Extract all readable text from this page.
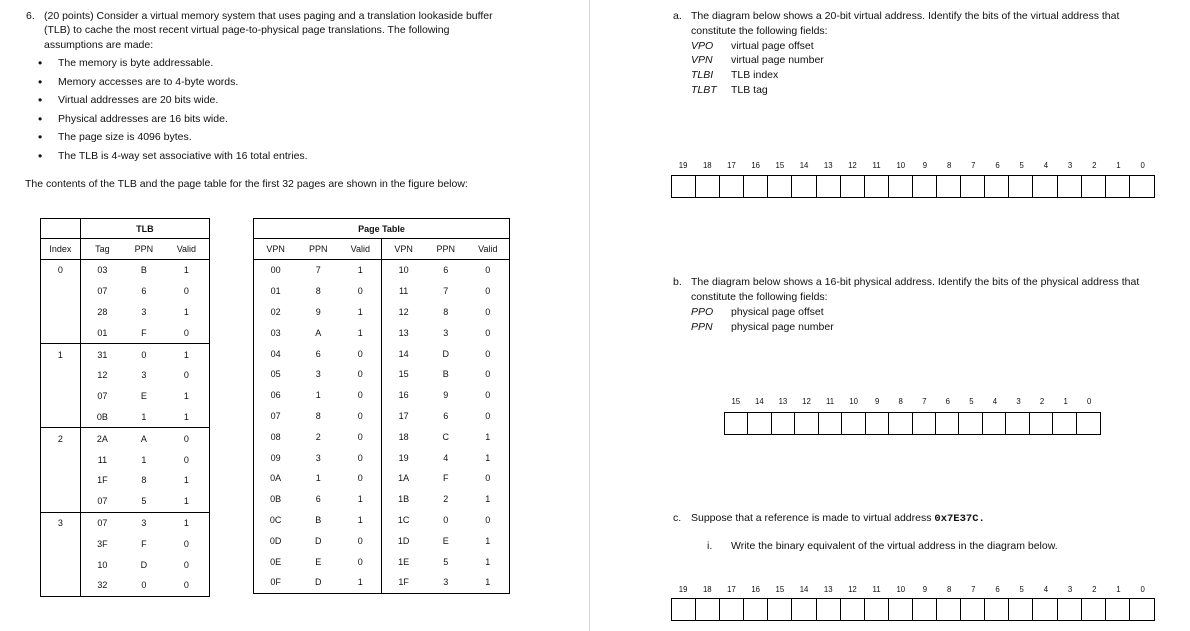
6. (20 points) Consider a virtual memory system that uses paging and a translation lookaside buffer
(TLB) to cache the most recent virtual page-to-physical page translations. The following
assumptions are made:
• The memory is byte addressable.
• Memory accesses are to 4-byte words.
• Virtual addresses are 20 bits wide.
• Physical addresses are 16 bits wide.
• The page size is 4096 bytes.
• The TLB is 4-way set associative with 16 total entries.
The contents of the TLB and the page table for the first 32 pages are shown in the figure below:
	TLB		
Index	Tag	PPN	Valid
0	03	B	1
	07	6	0
	28	3	1
	01	F	0
1	31	0	1
	12	3	0
	07	E	1
	0B	1	1
2	2A	A	0
	11	1	0
	1F	8	1
	07	5	1
3	07	3	1
	3F	F	0
	10	D	0
	32	0	0
Page Table					
VPN	PPN	Valid	VPN	PPN	Valid
00	7	1	10	6	0
01	8	0	11	7	0
02	9	1	12	8	0
03	A	1	13	3	0
04	6	0	14	D	0
05	3	0	15	B	0
06	1	0	16	9	0
07	8	0	17	6	0
08	2	0	18	C	1
09	3	0	19	4	1
0A	1	0	1A	F	0
0B	6	1	1B	2	1
0C	B	1	1C	0	0
0D	D	0	1D	E	1
0E	E	0	1E	5	1
0F	D	1	1F	3	1
a. The diagram below shows a 20-bit virtual address. Identify the bits of the virtual address that
constitute the following fields:
VPO virtual page offset
VPN virtual page number
TLBI TLB index
TLBT TLB tag
19	18	17	16	15	14	13	12	11	10	9	8	7	6	5	4	3	2	1	0
b. The diagram below shows a 16-bit physical address. Identify the bits of the physical address that
constitute the following fields:
PPO physical page offset
PPN physical page number
15	14	13	12	11	10	9	8	7	6	5	4	3	2	1	0
c. Suppose that a reference is made to virtual address 0x7E37C.
i. Write the binary equivalent of the virtual address in the diagram below.
19	18	17	16	15	14	13	12	11	10	9	8	7	6	5	4	3	2	1	0
